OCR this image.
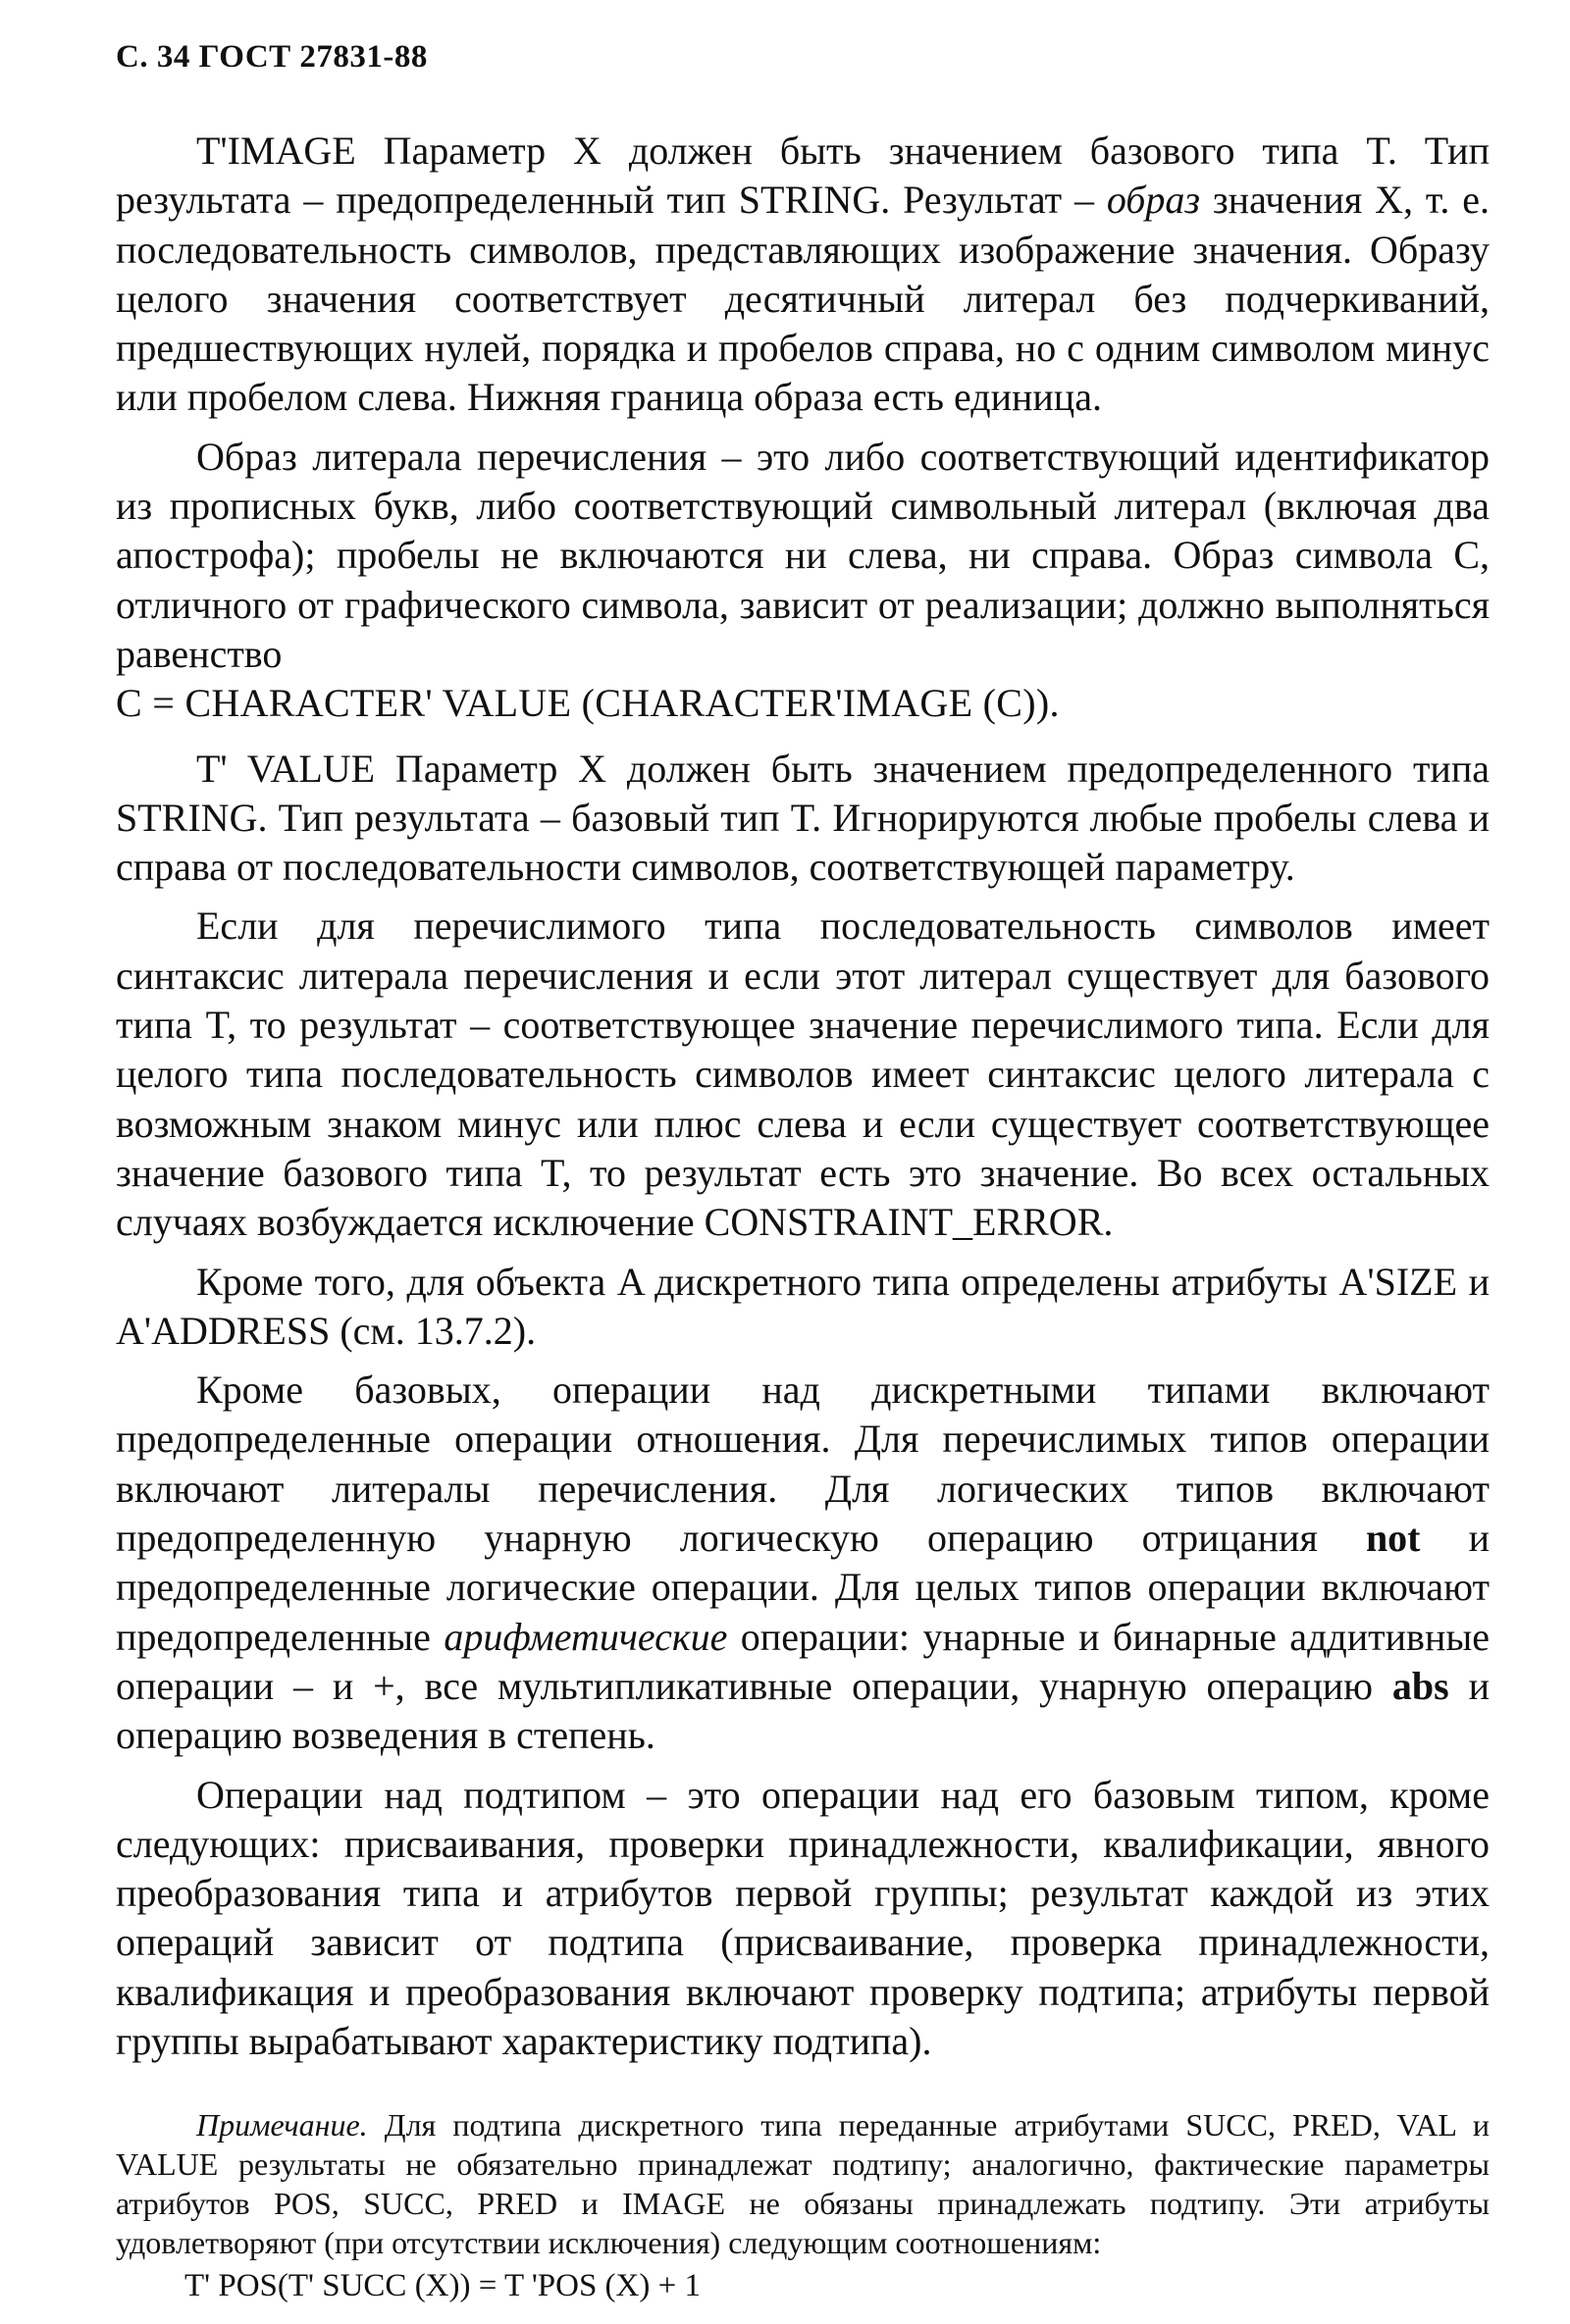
С. 34 ГОСТ 27831-88

T'IMAGE Параметр X должен быть значением базового типа T. Тип результата – предопределенный тип STRING. Результат – образ значения X, т. е. последовательность символов, представляющих изображение значения. Образу целого значения соответствует десятичный литерал без подчеркиваний, предшествующих нулей, порядка и пробелов справа, но с одним символом минус или пробелом слева. Нижняя граница образа есть единица.

Образ литерала перечисления – это либо соответствующий идентификатор из прописных букв, либо соответствующий символьный литерал (включая два апострофа); пробелы не включаются ни слева, ни справа. Образ символа C, отличного от графического символа, зависит от реализации; должно выполняться равенство

C = CHARACTER' VALUE (CHARACTER'IMAGE (C)).

T' VALUE Параметр X должен быть значением предопределенного типа STRING. Тип результата – базовый тип T. Игнорируются любые пробелы слева и справа от последовательности символов, соответствующей параметру.

Если для перечислимого типа последовательность символов имеет синтаксис литерала перечисления и если этот литерал существует для базового типа T, то результат – соответствующее значение перечислимого типа. Если для целого типа последовательность символов имеет синтаксис целого литерала с возможным знаком минус или плюс слева и если существует соответствующее значение базового типа T, то результат есть это значение. Во всех остальных случаях возбуждается исключение CONSTRAINT_ERROR.

Кроме того, для объекта A дискретного типа определены атрибуты A'SIZE и A'ADDRESS (см. 13.7.2).

Кроме базовых, операции над дискретными типами включают предопределенные операции отношения. Для перечислимых типов операции включают литералы перечисления. Для логических типов включают предопределенную унарную логическую операцию отрицания not и предопределенные логические операции. Для целых типов операции включают предопределенные арифметические операции: унарные и бинарные аддитивные операции – и +, все мультипликативные операции, унарную операцию abs и операцию возведения в степень.

Операции над подтипом – это операции над его базовым типом, кроме следующих: присваивания, проверки принадлежности, квалификации, явного преобразования типа и атрибутов первой группы; результат каждой из этих операций зависит от подтипа (присваивание, проверка принадлежности, квалификация и преобразования включают проверку подтипа; атрибуты первой группы вырабатывают характеристику подтипа).

Примечание. Для подтипа дискретного типа переданные атрибутами SUCC, PRED, VAL и VALUE результаты не обязательно принадлежат подтипу; аналогично, фактические параметры атрибутов POS, SUCC, PRED и IMAGE не обязаны принадлежать подтипу. Эти атрибуты удовлетворяют (при отсутствии исключения) следующим соотношениям:

T' POS(T' SUCC (X)) = T 'POS (X) + 1
